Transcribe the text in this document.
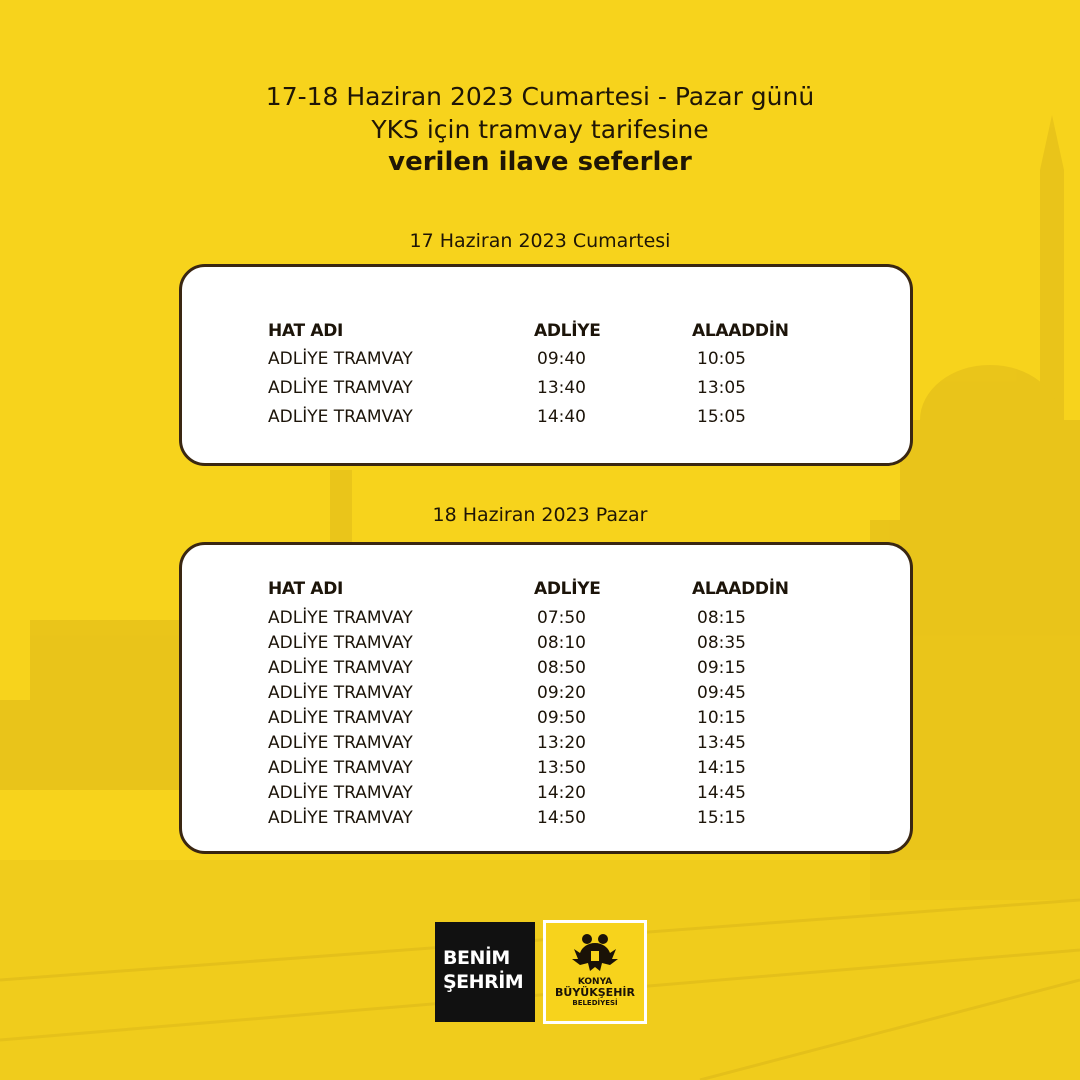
17-18 Haziran 2023 Cumartesi - Pazar günü
YKS için tramvay tarifesine
verilen ilave seferler
17 Haziran 2023 Cumartesi
HAT ADI	ADLİYE	ALAADDİN
ADLİYE TRAMVAY	09:40	10:05
ADLİYE TRAMVAY	13:40	13:05
ADLİYE TRAMVAY	14:40	15:05
18 Haziran 2023 Pazar
HAT ADI	ADLİYE	ALAADDİN
ADLİYE TRAMVAY	07:50	08:15
ADLİYE TRAMVAY	08:10	08:35
ADLİYE TRAMVAY	08:50	09:15
ADLİYE TRAMVAY	09:20	09:45
ADLİYE TRAMVAY	09:50	10:15
ADLİYE TRAMVAY	13:20	13:45
ADLİYE TRAMVAY	13:50	14:15
ADLİYE TRAMVAY	14:20	14:45
ADLİYE TRAMVAY	14:50	15:15
BENİM
ŞEHRİM	KONYA
BÜYÜKŞEHİR
BELEDİYESİ
